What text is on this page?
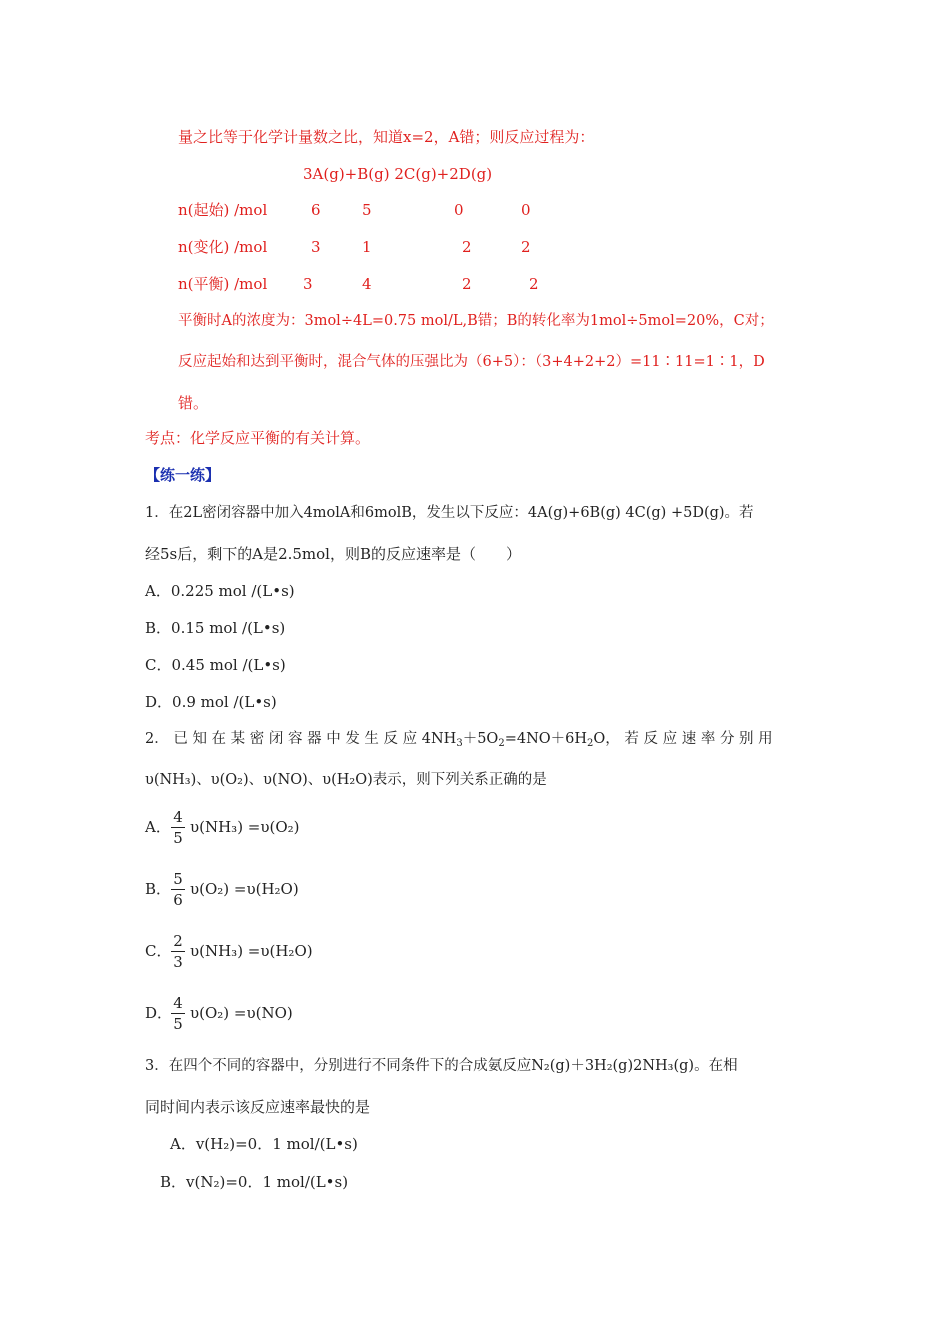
量之比等于化学计量数之比，知道x=2，A错；则反应过程为：
3A(g)+B(g) 2C(g)+2D(g)
n(起始) /mol	6	5	0	0
n(变化) /mol	3	1	2	2
n(平衡) /mol 3	4	2	2
平衡时A的浓度为：3mol÷4L=0.75 mol/L,B错；B的转化率为1mol÷5mol=20%，C对；
反应起始和达到平衡时，混合气体的压强比为（6+5）：（3+4+2+2）=11∶11=1∶1，D
错。
考点：化学反应平衡的有关计算。
【练一练】
1．在2L密闭容器中加入4molA和6molB，发生以下反应：4A(g)+6B(g) 4C(g) +5D(g)。若
经5s后，剩下的A是2.5mol，则B的反应速率是（　　）
A．0.225 mol /(L•s)
B．0.15 mol /(L•s)
C．0.45 mol /(L•s)
D．0.9 mol /(L•s)
2． 已 知 在 某 密 闭 容 器 中 发 生 反 应 $4NH_3+5O_2=4NO+6H_2O$， 若 反 应 速 率 分 别 用
υ(NH₃)、υ(O₂)、υ(NO)、υ(H₂O)表示，则下列关系正确的是
A．
4
5
υ(NH₃) =υ(O₂)
B．
5
6
υ(O₂) =υ(H₂O)
C．
2
3
υ(NH₃) =υ(H₂O)
D．
4
5
υ(O₂) =υ(NO)
3．在四个不同的容器中，分别进行不同条件下的合成氨反应N₂(g)＋3H₂(g)2NH₃(g)。在相
同时间内表示该反应速率最快的是
A．v(H₂)=0．1 mol/(L•s)
B．v(N₂)=0．1 mol/(L•s)
